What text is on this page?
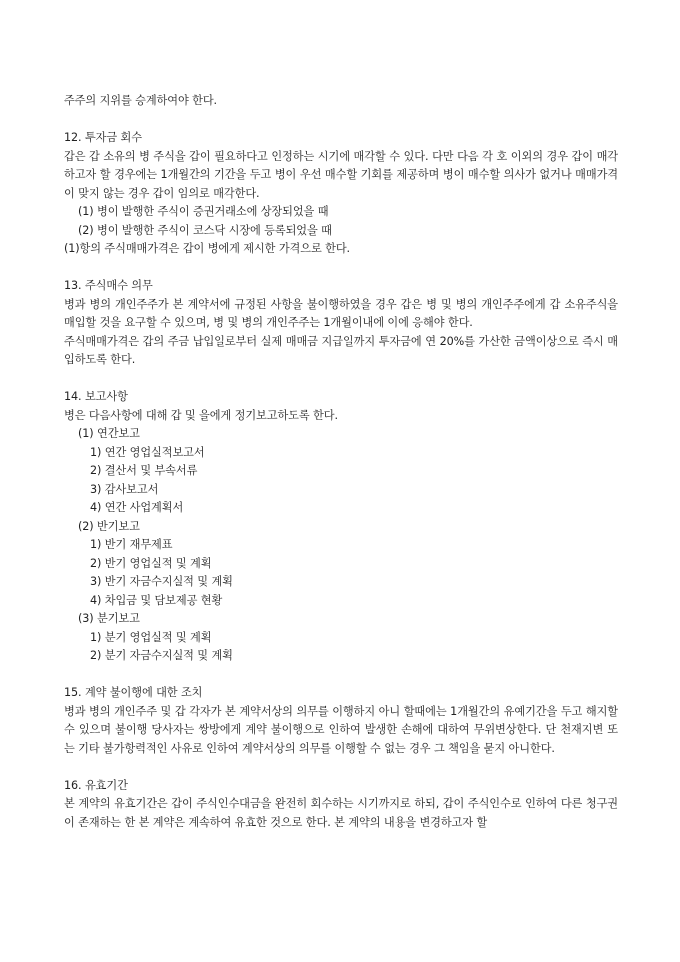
주주의 지위를 승계하여야 한다.

12. 투자금 회수

갑은 갑 소유의 병 주식을 갑이 필요하다고 인정하는 시기에 매각할 수 있다. 다만 다음 각 호 이외의 경우 갑이 매각하고자 할 경우에는 1개월간의 기간을 두고 병이 우선 매수할 기회를 제공하며 병이 매수할 의사가 없거나 매매가격이 맞지 않는 경우 갑이 임의로 매각한다.

(1) 병이 발행한 주식이 증권거래소에 상장되었을 때

(2) 병이 발행한 주식이 코스닥 시장에 등록되었을 때

(1)항의 주식매매가격은 갑이 병에게 제시한 가격으로 한다.

13. 주식매수 의무

병과 병의 개인주주가 본 계약서에 규정된 사항을 불이행하였을 경우 갑은 병 및 병의 개인주주에게 갑 소유주식을 매입할 것을 요구할 수 있으며, 병 및 병의 개인주주는 1개월이내에 이에 응해야 한다.

주식매매가격은 갑의 주금 납입일로부터 실제 매매금 지급일까지 투자금에 연 20%를 가산한 금액이상으로 즉시 매입하도록 한다.

14. 보고사항

병은 다음사항에 대해 갑 및 을에게 정기보고하도록 한다.

(1) 연간보고

1) 연간 영업실적보고서

2) 결산서 및 부속서류

3) 감사보고서

4) 연간 사업계획서

(2) 반기보고

1) 반기 재무제표

2) 반기 영업실적 및 계획

3) 반기 자금수지실적 및 계획

4) 차입금 및 담보제공 현황

(3) 분기보고

1) 분기 영업실적 및 계획

2) 분기 자금수지실적 및 계획

15. 계약 불이행에 대한 조치

병과 병의 개인주주 및 갑 각자가 본 계약서상의 의무를 이행하지 아니 할때에는 1개월간의 유예기간을 두고 해지할 수 있으며 불이행 당사자는 쌍방에게 계약 불이행으로 인하여 발생한 손해에 대하여 무위변상한다. 단 천재지변 또는 기타 불가항력적인 사유로 인하여 계약서상의 의무를 이행할 수 없는 경우 그 책임을 묻지 아니한다.

16. 유효기간

본 계약의 유효기간은 갑이 주식인수대금을 완전히 회수하는 시기까지로 하되, 갑이 주식인수로 인하여 다른 청구권이 존재하는 한 본 계약은 계속하여 유효한 것으로 한다. 본 계약의 내용을 변경하고자 할
